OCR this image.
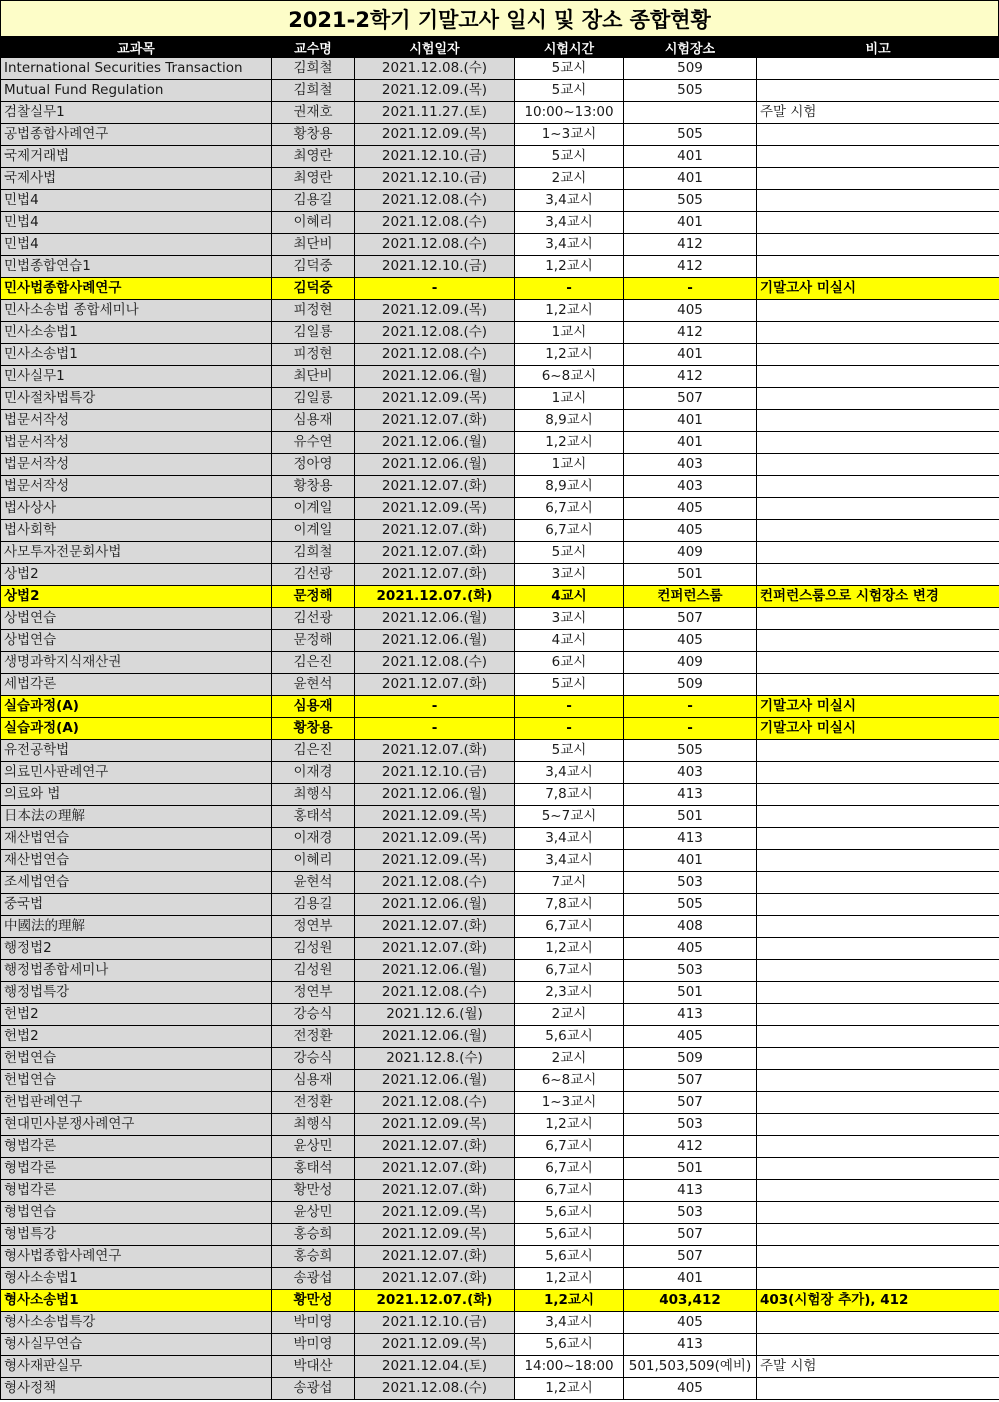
2021-2학기 기말고사 일시 및 장소 종합현황
교과목	교수명	시험일자	시험시간	시험장소	비고
International Securities Transaction	김희철	2021.12.08.(수)	5교시	509	
Mutual Fund Regulation	김희철	2021.12.09.(목)	5교시	505	
검찰실무1	권재호	2021.11.27.(토)	10:00~13:00		주말 시험
공법종합사례연구	황창용	2021.12.09.(목)	1~3교시	505	
국제거래법	최영란	2021.12.10.(금)	5교시	401	
국제사법	최영란	2021.12.10.(금)	2교시	401	
민법4	김용길	2021.12.08.(수)	3,4교시	505	
민법4	이혜리	2021.12.08.(수)	3,4교시	401	
민법4	최단비	2021.12.08.(수)	3,4교시	412	
민법종합연습1	김덕중	2021.12.10.(금)	1,2교시	412	
민사법종합사례연구	김덕중	-	-	-	기말고사 미실시
민사소송법 종합세미나	피정현	2021.12.09.(목)	1,2교시	405	
민사소송법1	김일룡	2021.12.08.(수)	1교시	412	
민사소송법1	피정현	2021.12.08.(수)	1,2교시	401	
민사실무1	최단비	2021.12.06.(월)	6~8교시	412	
민사절차법특강	김일룡	2021.12.09.(목)	1교시	507	
법문서작성	심용재	2021.12.07.(화)	8,9교시	401	
법문서작성	유수연	2021.12.06.(월)	1,2교시	401	
법문서작성	정아영	2021.12.06.(월)	1교시	403	
법문서작성	황창용	2021.12.07.(화)	8,9교시	403	
법사상사	이계일	2021.12.09.(목)	6,7교시	405	
법사회학	이계일	2021.12.07.(화)	6,7교시	405	
사모투자전문회사법	김희철	2021.12.07.(화)	5교시	409	
상법2	김선광	2021.12.07.(화)	3교시	501	
상법2	문정해	2021.12.07.(화)	4교시	컨퍼런스룸	컨퍼런스룸으로 시험장소 변경
상법연습	김선광	2021.12.06.(월)	3교시	507	
상법연습	문정해	2021.12.06.(월)	4교시	405	
생명과학지식재산권	김은진	2021.12.08.(수)	6교시	409	
세법각론	윤현석	2021.12.07.(화)	5교시	509	
실습과정(A)	심용재	-	-	-	기말고사 미실시
실습과정(A)	황창용	-	-	-	기말고사 미실시
유전공학법	김은진	2021.12.07.(화)	5교시	505	
의료민사판례연구	이재경	2021.12.10.(금)	3,4교시	403	
의료와 법	최행식	2021.12.06.(월)	7,8교시	413	
日本法の理解	홍태석	2021.12.09.(목)	5~7교시	501	
재산법연습	이재경	2021.12.09.(목)	3,4교시	413	
재산법연습	이혜리	2021.12.09.(목)	3,4교시	401	
조세법연습	윤현석	2021.12.08.(수)	7교시	503	
중국법	김용길	2021.12.06.(월)	7,8교시	505	
中國法的理解	정연부	2021.12.07.(화)	6,7교시	408	
행정법2	김성원	2021.12.07.(화)	1,2교시	405	
행정법종합세미나	김성원	2021.12.06.(월)	6,7교시	503	
행정법특강	정연부	2021.12.08.(수)	2,3교시	501	
헌법2	강승식	2021.12.6.(월)	2교시	413	
헌법2	전정환	2021.12.06.(월)	5,6교시	405	
헌법연습	강승식	2021.12.8.(수)	2교시	509	
헌법연습	심용재	2021.12.06.(월)	6~8교시	507	
헌법판례연구	전정환	2021.12.08.(수)	1~3교시	507	
현대민사분쟁사례연구	최행식	2021.12.09.(목)	1,2교시	503	
형법각론	윤상민	2021.12.07.(화)	6,7교시	412	
형법각론	홍태석	2021.12.07.(화)	6,7교시	501	
형법각론	황만성	2021.12.07.(화)	6,7교시	413	
형법연습	윤상민	2021.12.09.(목)	5,6교시	503	
형법특강	홍승희	2021.12.09.(목)	5,6교시	507	
형사법종합사례연구	홍승희	2021.12.07.(화)	5,6교시	507	
형사소송법1	송광섭	2021.12.07.(화)	1,2교시	401	
형사소송법1	황만성	2021.12.07.(화)	1,2교시	403,412	403(시험장 추가), 412
형사소송법특강	박미영	2021.12.10.(금)	3,4교시	405	
형사실무연습	박미영	2021.12.09.(목)	5,6교시	413	
형사재판실무	박대산	2021.12.04.(토)	14:00~18:00	501,503,509(예비)	주말 시험
형사정책	송광섭	2021.12.08.(수)	1,2교시	405	
